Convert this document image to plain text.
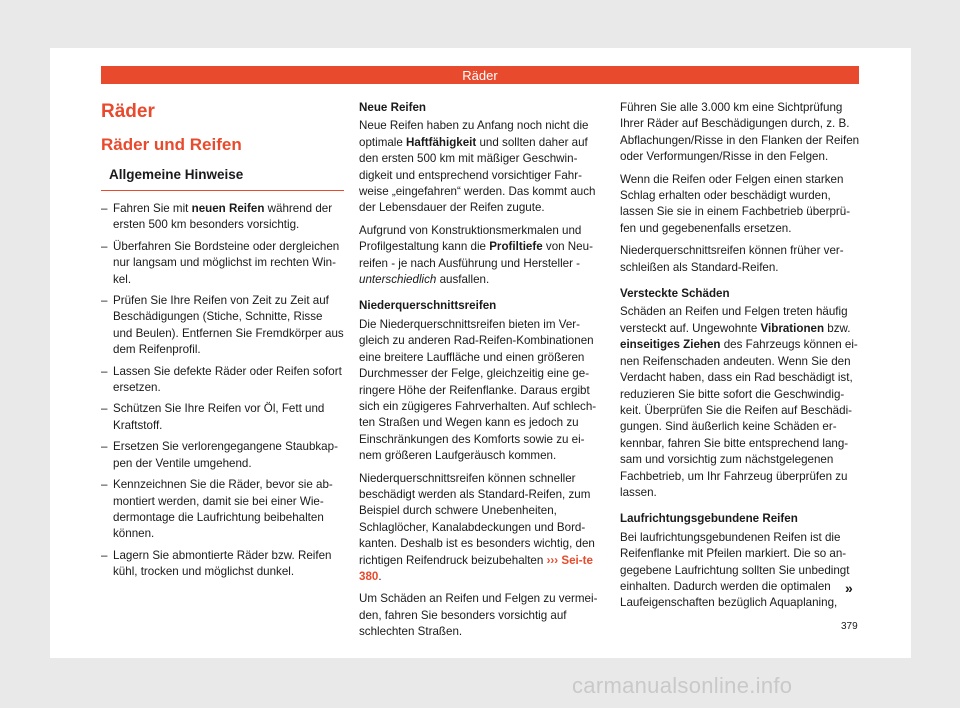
Räder
Räder
Räder und Reifen
Allgemeine Hinweise
– Fahren Sie mit neuen Reifen während der ersten 500 km besonders vorsichtig.
– Überfahren Sie Bordsteine oder dergleichen nur langsam und möglichst im rechten Win-kel.
– Prüfen Sie Ihre Reifen von Zeit zu Zeit auf Beschädigungen (Stiche, Schnitte, Risse und Beulen). Entfernen Sie Fremdkörper aus dem Reifenprofil.
– Lassen Sie defekte Räder oder Reifen sofort ersetzen.
– Schützen Sie Ihre Reifen vor Öl, Fett und Kraftstoff.
– Ersetzen Sie verlorengegangene Staubkap-pen der Ventile umgehend.
– Kennzeichnen Sie die Räder, bevor sie ab-montiert werden, damit sie bei einer Wie-dermontage die Laufrichtung beibehalten können.
– Lagern Sie abmontierte Räder bzw. Reifen kühl, trocken und möglichst dunkel.
Neue Reifen

Neue Reifen haben zu Anfang noch nicht die optimale Haftfähigkeit und sollten daher auf den ersten 500 km mit mäßiger Geschwin-digkeit und entsprechend vorsichtiger Fahr-weise „eingefahren“ werden. Das kommt auch der Lebensdauer der Reifen zugute.

Aufgrund von Konstruktionsmerkmalen und Profilgestaltung kann die Profiltiefe von Neu-reifen - je nach Ausführung und Hersteller - unterschiedlich ausfallen.

Niederquerschnittsreifen

Die Niederquerschnittsreifen bieten im Ver-gleich zu anderen Rad-Reifen-Kombinationen eine breitere Lauffläche und einen größeren Durchmesser der Felge, gleichzeitig eine ge-ringere Höhe der Reifenflanke. Daraus ergibt sich ein zügigeres Fahrverhalten. Auf schlech-ten Straßen und Wegen kann es jedoch zu Einschränkungen des Komforts sowie zu ei-nem größeren Laufgeräusch kommen.

Niederquerschnittsreifen können schneller beschädigt werden als Standard-Reifen, zum Beispiel durch schwere Unebenheiten, Schlaglöcher, Kanalabdeckungen und Bord-kanten. Deshalb ist es besonders wichtig, den richtigen Reifendruck beizubehalten ››› Sei-te 380.

Um Schäden an Reifen und Felgen zu vermei-den, fahren Sie besonders vorsichtig auf schlechten Straßen.

Führen Sie alle 3.000 km eine Sichtprüfung Ihrer Räder auf Beschädigungen durch, z. B. Abflachungen/Risse in den Flanken der Reifen oder Verformungen/Risse in den Felgen.

Wenn die Reifen oder Felgen einen starken Schlag erhalten oder beschädigt wurden, lassen Sie sie in einem Fachbetrieb überprü-fen und gegebenenfalls ersetzen.

Niederquerschnittsreifen können früher ver-schleißen als Standard-Reifen.

Versteckte Schäden

Schäden an Reifen und Felgen treten häufig versteckt auf. Ungewohnte Vibrationen bzw. einseitiges Ziehen des Fahrzeugs können ei-nen Reifenschaden andeuten. Wenn Sie den Verdacht haben, dass ein Rad beschädigt ist, reduzieren Sie bitte sofort die Geschwindig-keit. Überprüfen Sie die Reifen auf Beschädi-gungen. Sind äußerlich keine Schäden er-kennbar, fahren Sie bitte entsprechend lang-sam und vorsichtig zum nächstgelegenen Fachbetrieb, um Ihr Fahrzeug überprüfen zu lassen.

Laufrichtungsgebundene Reifen

Bei laufrichtungsgebundenen Reifen ist die Reifenflanke mit Pfeilen markiert. Die so an-gegebene Laufrichtung sollten Sie unbedingt einhalten. Dadurch werden die optimalen Laufeigenschaften bezüglich Aquaplaning,

»
379
carmanualsonline.info
